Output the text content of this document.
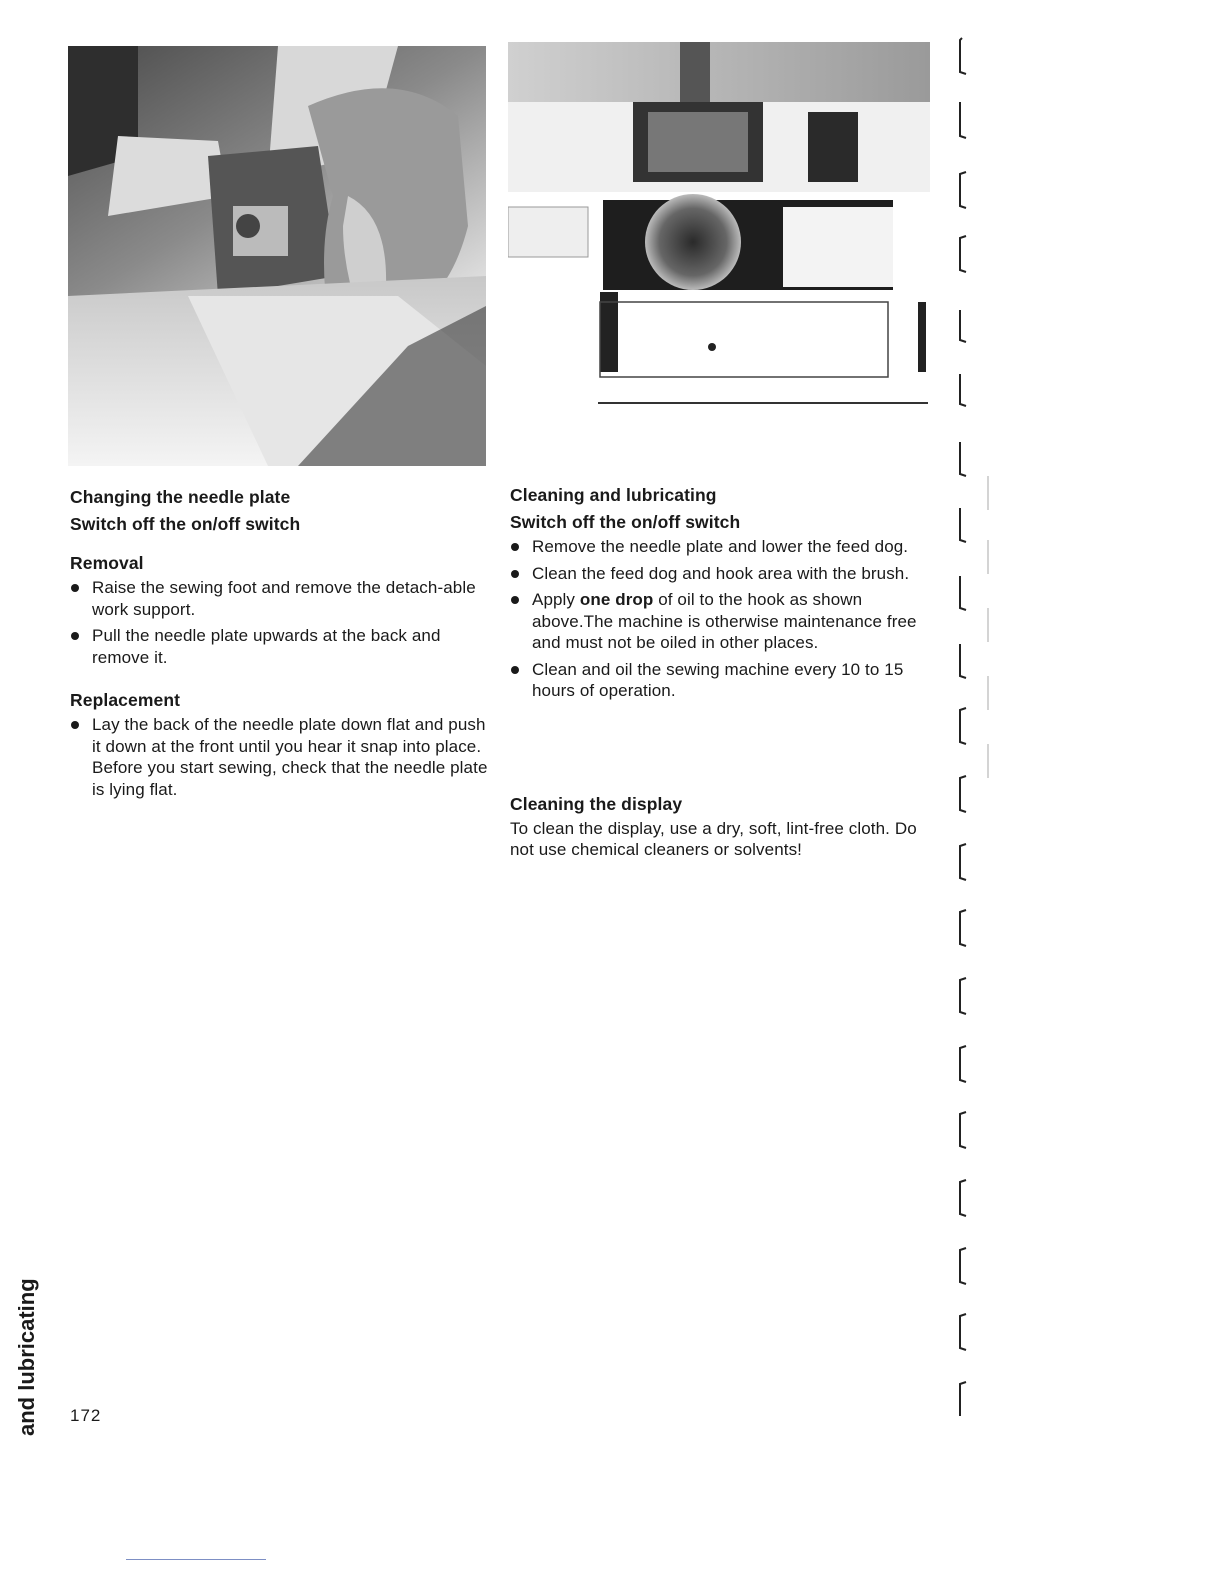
Changing the needle plate
Switch off the on/off switch
Removal
Raise the sewing foot and remove the detach-able work support.
Pull the needle plate upwards at the back and remove it.
Replacement
Lay the back of the needle plate down flat and push it down at the front until you hear it snap into place.
Before you start sewing, check that the needle plate is lying flat.
Cleaning and lubricating
Switch off the on/off switch
Remove the needle plate and lower the feed dog.
Clean the feed dog and hook area with the brush.
Apply one drop of oil to the hook as shown above.The machine is otherwise maintenance free and must not be oiled in other places.
Clean and oil the sewing machine every 10 to 15 hours of operation.
Cleaning the display

To clean the display, use a dry, soft, lint-free cloth. Do not use chemical cleaners or solvents!

172
and lubricating
